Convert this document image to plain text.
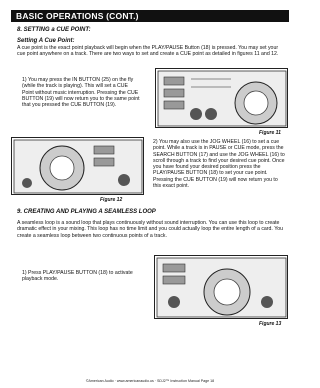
BASIC OPERATIONS (CONT.)
8. SETTING a CUE POINT:
Setting A Cue Point:
A cue point is the exact point playback will begin when the PLAY/PAUSE Button (18) is pressed. You may set your cue point anywhere on a track. There are two ways to set and create a CUE point as detailed in figures 11 and 12.
1) You may press the IN BUTTON (25) on the fly (while the track is playing). This will set a CUE Point without music interruption. Pressing the CUE BUTTON (19) will now return you to the same point that you pressed the CUE BUTTON (19).
Figure 11
Figure 12
2) You may also use the JOG WHEEL (16) to set a cue point. While a track is in PAUSE or CUE mode, press the SEARCH BUTTON (17) and use the JOG WHEEL (16) to scroll through a track to find your desired cue point. Once you have found your desired position press the PLAY/PAUSE BUTTON (18) to set your cue point. Pressing the CUE BUTTON (19) will now return you to this exact point.
9. CREATING AND PLAYING A SEAMLESS LOOP
A seamless loop is a sound loop that plays continuously without sound interruption. You can use this loop to create dramatic effect in your mixing. This loop has no time limit and you could actually loop the entire length of a card. You create a seamless loop between two continuous points of a track.
1) Press PLAY/PAUSE BUTTON (18) to activate playback mode.
Figure 13
©American Audio · www.americanaudio.us · SDJ2™ Instruction Manual Page 18
